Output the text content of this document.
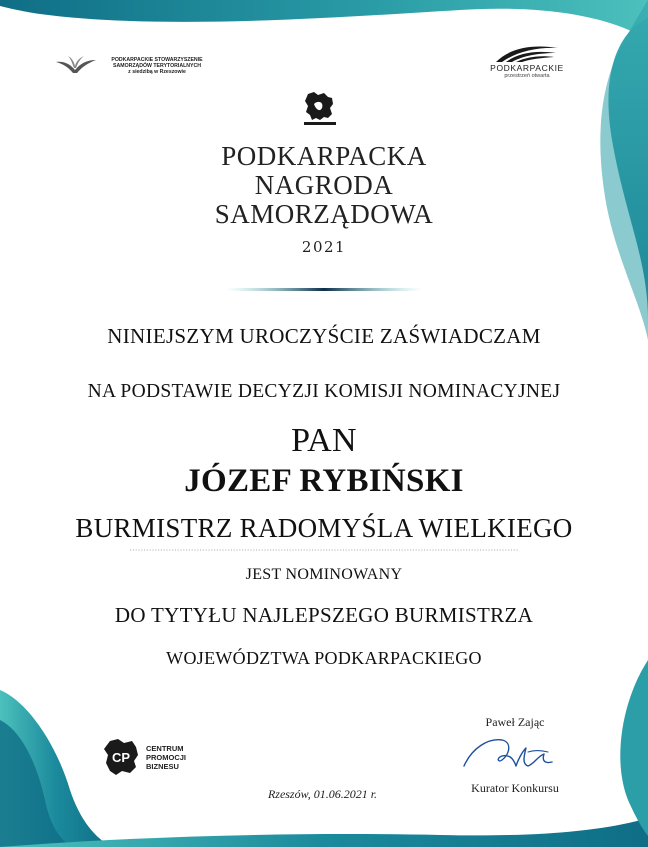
PODKARPACKIE STOWARZYSZENIE
SAMORZĄDÓW TERYTORIALNYCH
z siedzibą w Rzeszowie	PODKARPACKIE
przestrzeń otwarta
PODKARPACKA
NAGRODA
SAMORZĄDOWA
2021
NINIEJSZYM UROCZYŚCIE ZAŚWIADCZAM
NA PODSTAWIE DECYZJI KOMISJI NOMINACYJNEJ
PAN
JÓZEF RYBIŃSKI
BURMISTRZ RADOMYŚLA WIELKIEGO
JEST NOMINOWANY
DO TYTYŁU NAJLEPSZEGO BURMISTRZA
WOJEWÓDZTWA PODKARPACKIEGO
CP
CENTRUM
PROMOCJI
BIZNESU
Rzeszów, 01.06.2021 r.
Paweł Zając
Kurator Konkursu
